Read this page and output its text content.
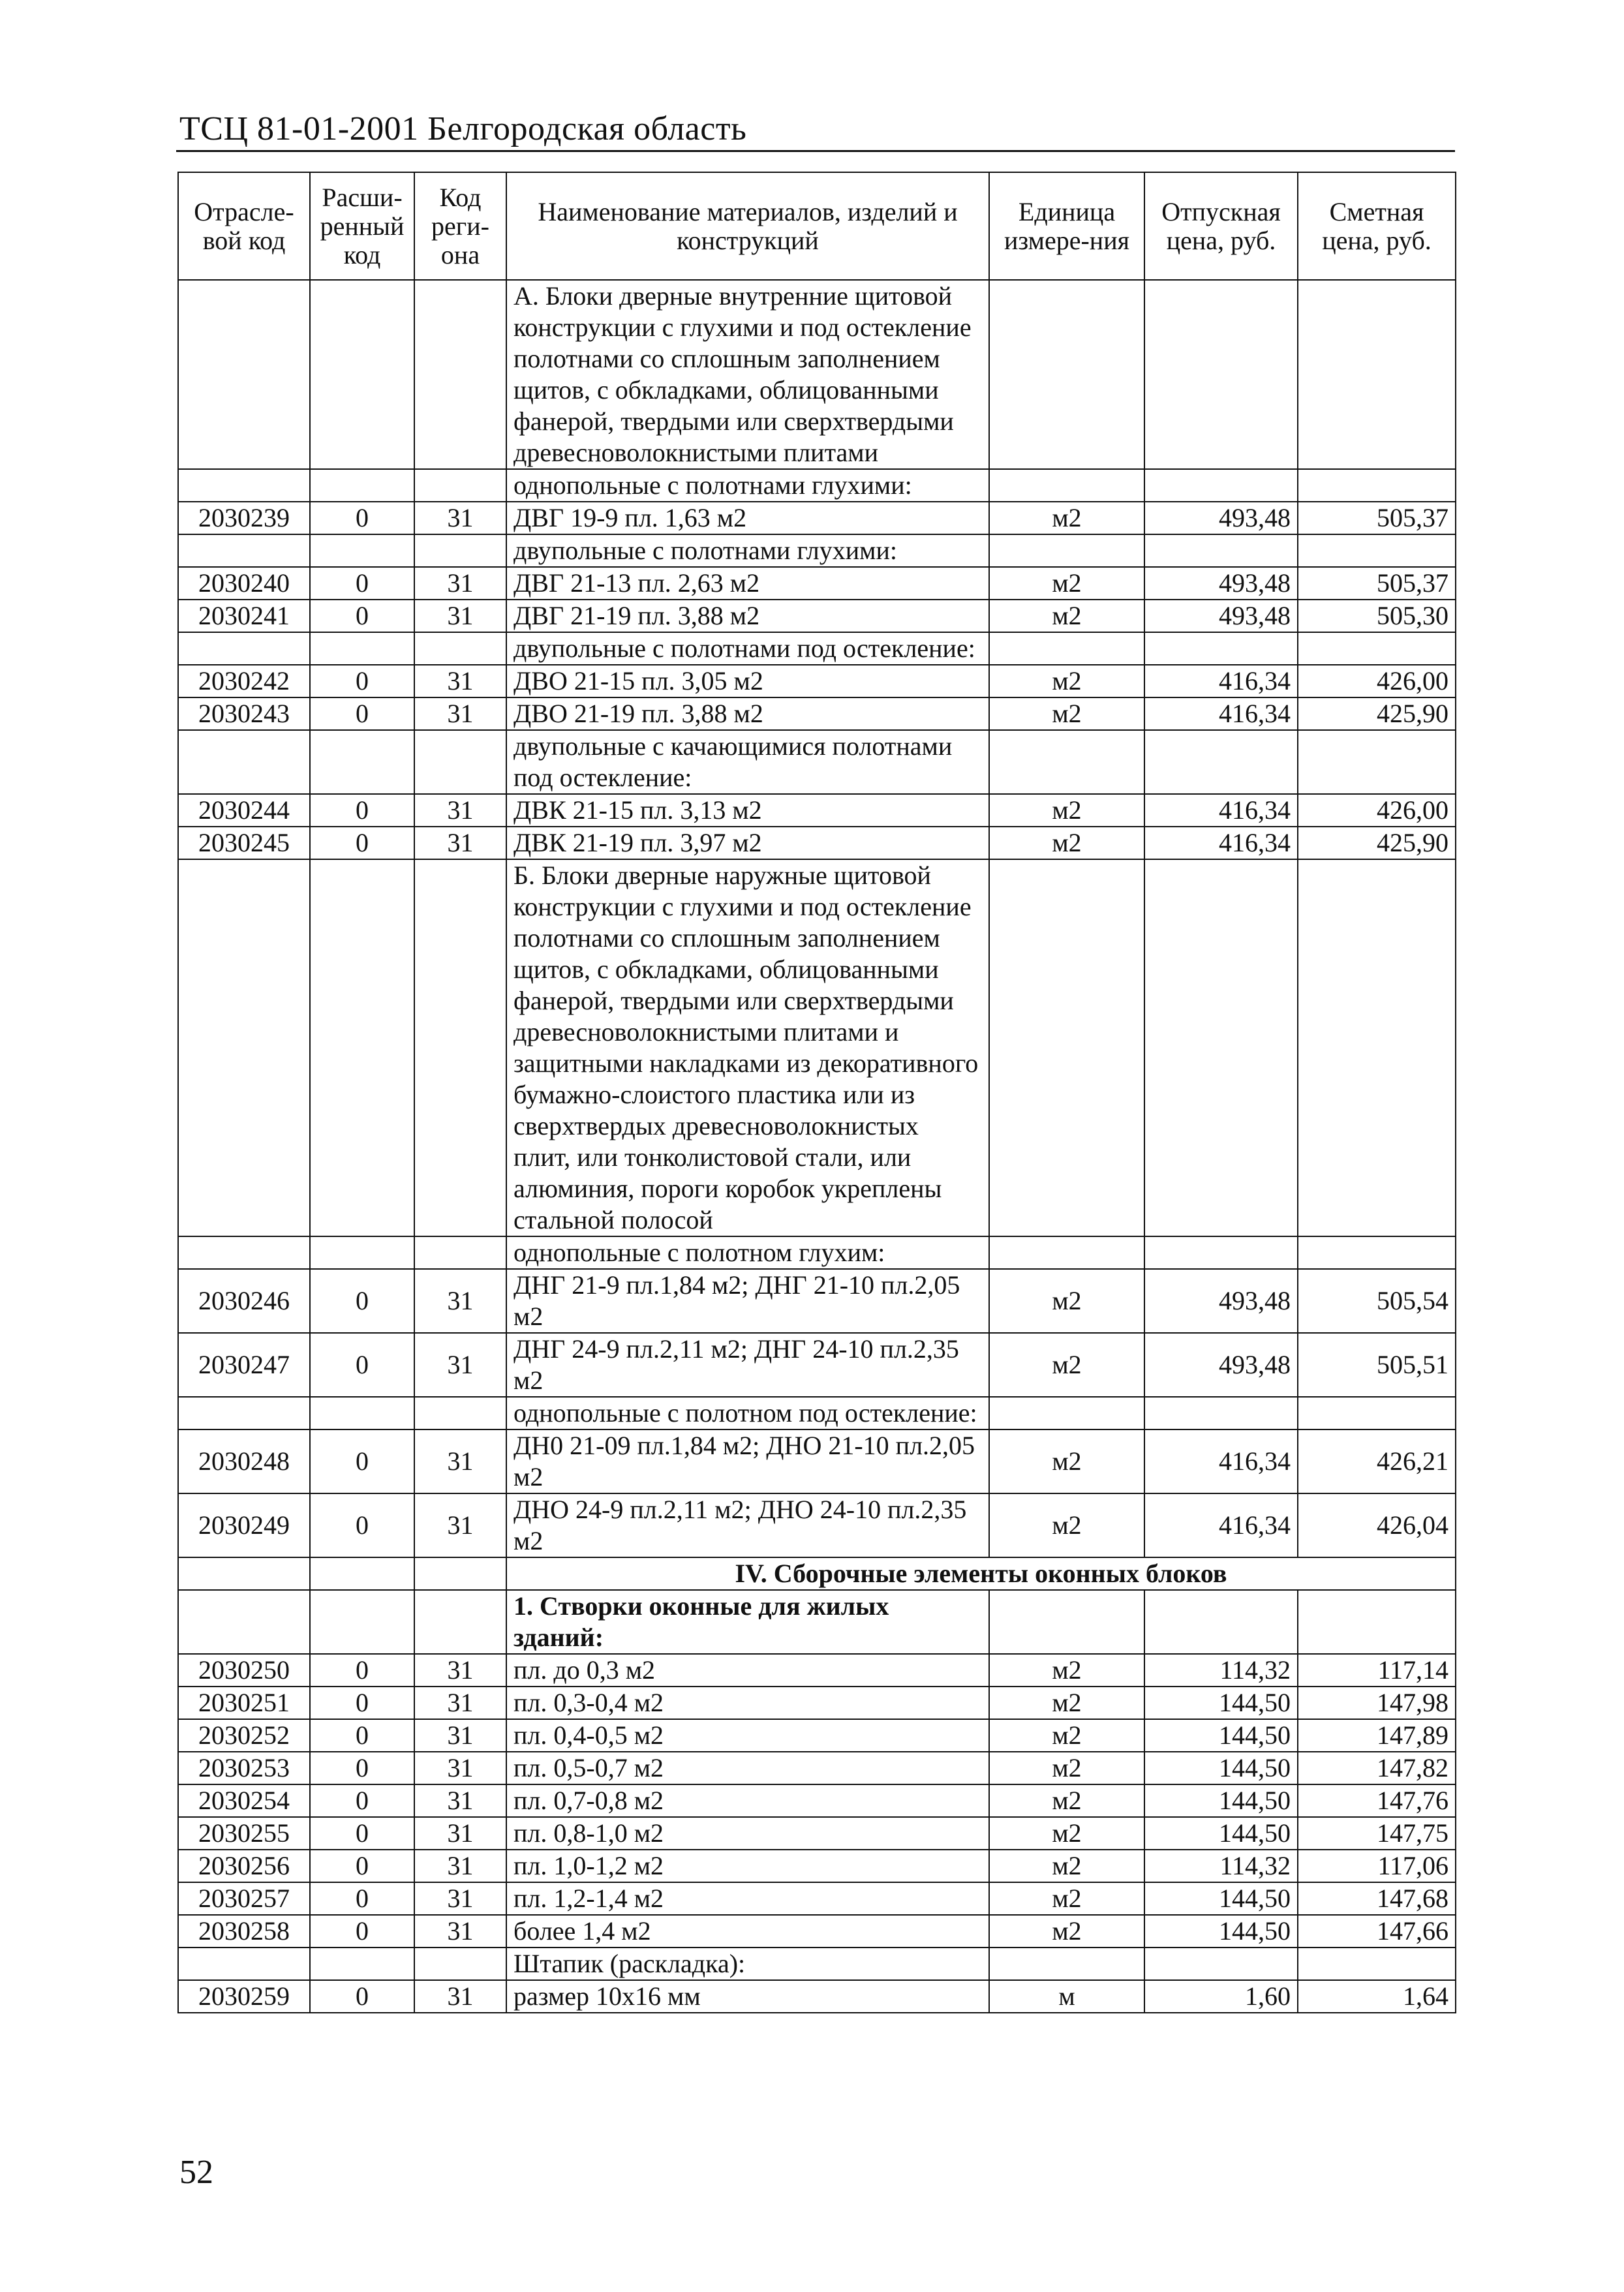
ТСЦ 81-01-2001 Белгородская область
Отрасле-вой код	Расши-ренный код	Код реги-она	Наименование материалов, изделий и конструкций	Единица измере-ния	Отпускная цена, руб.	Сметная цена, руб.
			А. Блоки дверные внутренние щитовой конструкции с глухими и под остекление полотнами со сплошным заполнением щитов, с обкладками, облицованными фанерой, твердыми или сверхтвердыми древесноволокнистыми плитами			
			однопольные с полотнами глухими:			
2030239	0	31	ДВГ 19-9 пл. 1,63 м2	м2	493,48	505,37
			двупольные с полотнами глухими:			
2030240	0	31	ДВГ 21-13 пл. 2,63 м2	м2	493,48	505,37
2030241	0	31	ДВГ 21-19 пл. 3,88 м2	м2	493,48	505,30
			двупольные с полотнами под остекление:			
2030242	0	31	ДВО 21-15 пл. 3,05 м2	м2	416,34	426,00
2030243	0	31	ДВО 21-19 пл. 3,88 м2	м2	416,34	425,90
			двупольные с качающимися полотнами под остекление:			
2030244	0	31	ДВК 21-15 пл. 3,13 м2	м2	416,34	426,00
2030245	0	31	ДВК 21-19 пл. 3,97 м2	м2	416,34	425,90
			Б. Блоки дверные наружные щитовой конструкции с глухими и под остекление полотнами со сплошным заполнением щитов, с обкладками, облицованными фанерой, твердыми или сверхтвердыми древесноволокнистыми плитами и защитными накладками из декоративного бумажно-слоистого пластика или из сверхтвердых древесноволокнистых плит, или тонколистовой стали, или алюминия, пороги коробок укреплены стальной полосой			
			однопольные с полотном глухим:			
2030246	0	31	ДНГ 21-9 пл.1,84 м2; ДНГ 21-10 пл.2,05 м2	м2	493,48	505,54
2030247	0	31	ДНГ 24-9 пл.2,11 м2; ДНГ 24-10 пл.2,35 м2	м2	493,48	505,51
			однопольные с полотном под остекление:			
2030248	0	31	ДН0 21-09 пл.1,84 м2; ДНО 21-10 пл.2,05 м2	м2	416,34	426,21
2030249	0	31	ДНО 24-9 пл.2,11 м2; ДНО 24-10 пл.2,35 м2	м2	416,34	426,04
			IV. Сборочные элементы оконных блоков			
			1. Створки оконные для жилых зданий:			
2030250	0	31	пл. до 0,3 м2	м2	114,32	117,14
2030251	0	31	пл. 0,3-0,4 м2	м2	144,50	147,98
2030252	0	31	пл. 0,4-0,5 м2	м2	144,50	147,89
2030253	0	31	пл. 0,5-0,7 м2	м2	144,50	147,82
2030254	0	31	пл. 0,7-0,8 м2	м2	144,50	147,76
2030255	0	31	пл. 0,8-1,0 м2	м2	144,50	147,75
2030256	0	31	пл. 1,0-1,2 м2	м2	114,32	117,06
2030257	0	31	пл. 1,2-1,4 м2	м2	144,50	147,68
2030258	0	31	более 1,4 м2	м2	144,50	147,66
			Штапик (раскладка):			
2030259	0	31	размер 10х16 мм	м	1,60	1,64
52
